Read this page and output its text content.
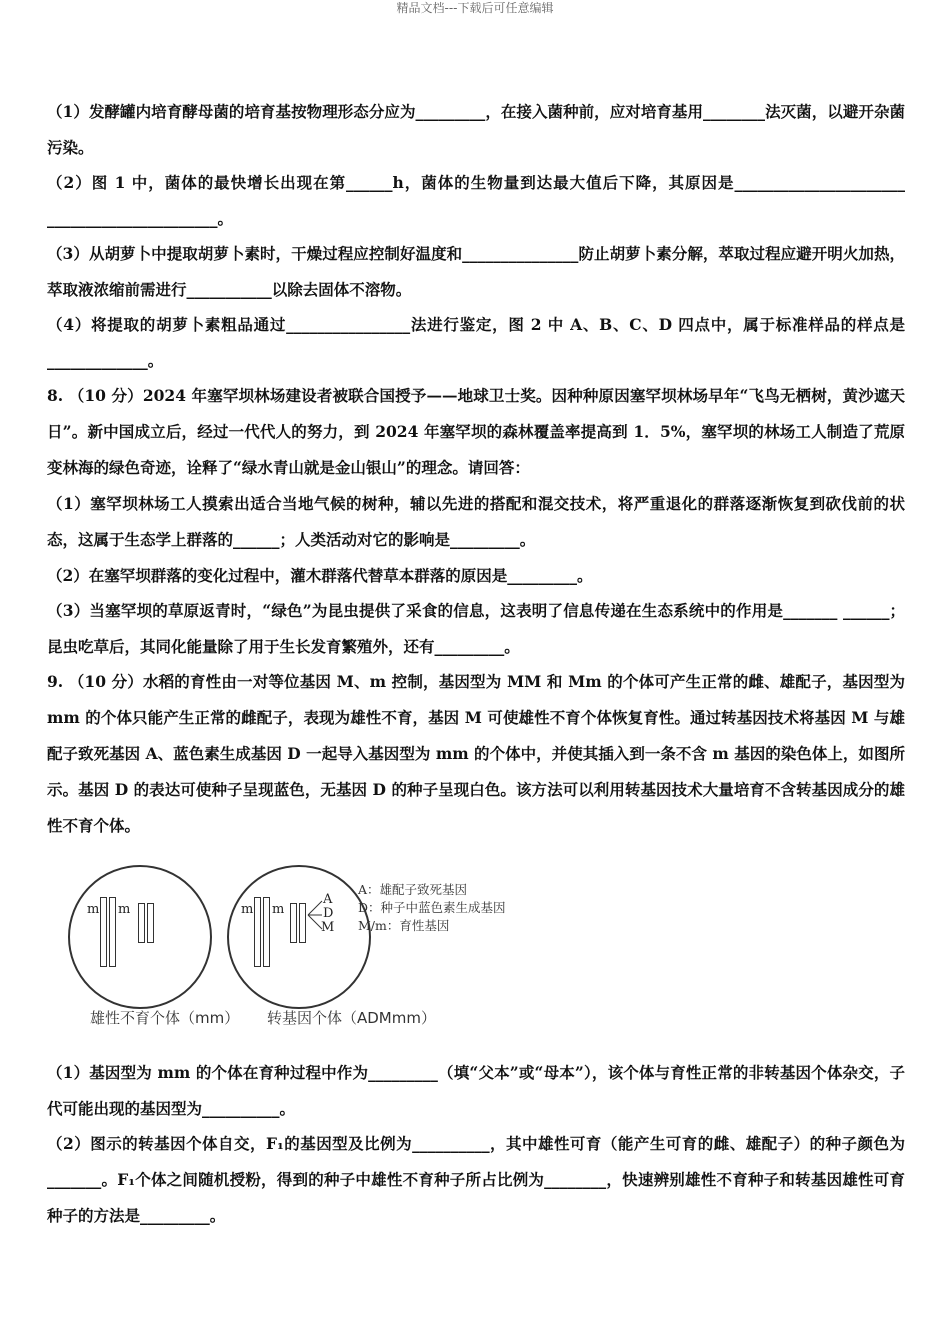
精品文档---下载后可任意编辑

（1）发酵罐内培育酵母菌的培育基按物理形态分应为_________，在接入菌种前，应对培育基用________法灭菌，以避开杂菌污染。

（2）图 1 中，菌体的最快增长出现在第______h，菌体的生物量到达最大值后下降，其原因是______________________ ______________________。

（3）从胡萝卜中提取胡萝卜素时，干燥过程应控制好温度和_______________防止胡萝卜素分解，萃取过程应避开明火加热，萃取液浓缩前需进行___________以除去固体不溶物。

（4）将提取的胡萝卜素粗品通过________________法进行鉴定，图 2 中 A、B、C、D 四点中，属于标准样品的样点是 _____________。

8. （10 分）2024 年塞罕坝林场建设者被联合国授予——地球卫士奖。因种种原因塞罕坝林场早年“飞鸟无栖树，黄沙遮天日”。新中国成立后，经过一代代人的努力，到 2024 年塞罕坝的森林覆盖率提高到 1．5%，塞罕坝的林场工人制造了荒原变林海的绿色奇迹，诠释了“绿水青山就是金山银山”的理念。请回答：

（1）塞罕坝林场工人摸索出适合当地气候的树种，辅以先进的搭配和混交技术，将严重退化的群落逐渐恢复到砍伐前的状态，这属于生态学上群落的______；人类活动对它的影响是_________。

（2）在塞罕坝群落的变化过程中，灌木群落代替草本群落的原因是_________。

（3）当塞罕坝的草原返青时，“绿色”为昆虫提供了采食的信息，这表明了信息传递在生态系统中的作用是_______ ______；昆虫吃草后，其同化能量除了用于生长发育繁殖外，还有_________。

9. （10 分）水稻的育性由一对等位基因 M、m 控制，基因型为 MM 和 Mm 的个体可产生正常的雌、雄配子，基因型为 mm 的个体只能产生正常的雌配子，表现为雄性不育，基因 M 可使雄性不育个体恢复育性。通过转基因技术将基因 M 与雄配子致死基因 A、蓝色素生成基因 D 一起导入基因型为 mm 的个体中，并使其插入到一条不含 m 基因的染色体上，如图所示。基因 D 的表达可使种子呈现蓝色，无基因 D 的种子呈现白色。该方法可以利用转基因技术大量培育不含转基因成分的雄性不育个体。

m m	m m
A
D
M
A：雄配子致死基因
D：种子中蓝色素生成基因
M/m：育性基因
雄性不育个体（mm） 转基因个体（ADMmm）

（1）基因型为 mm 的个体在育种过程中作为_________（填“父本”或“母本”），该个体与育性正常的非转基因个体杂交，子代可能出现的基因型为__________。

（2）图示的转基因个体自交，F₁的基因型及比例为__________，其中雄性可育（能产生可育的雌、雄配子）的种子颜色为_______。F₁个体之间随机授粉，得到的种子中雄性不育种子所占比例为________，快速辨别雄性不育种子和转基因雄性可育种子的方法是_________。
